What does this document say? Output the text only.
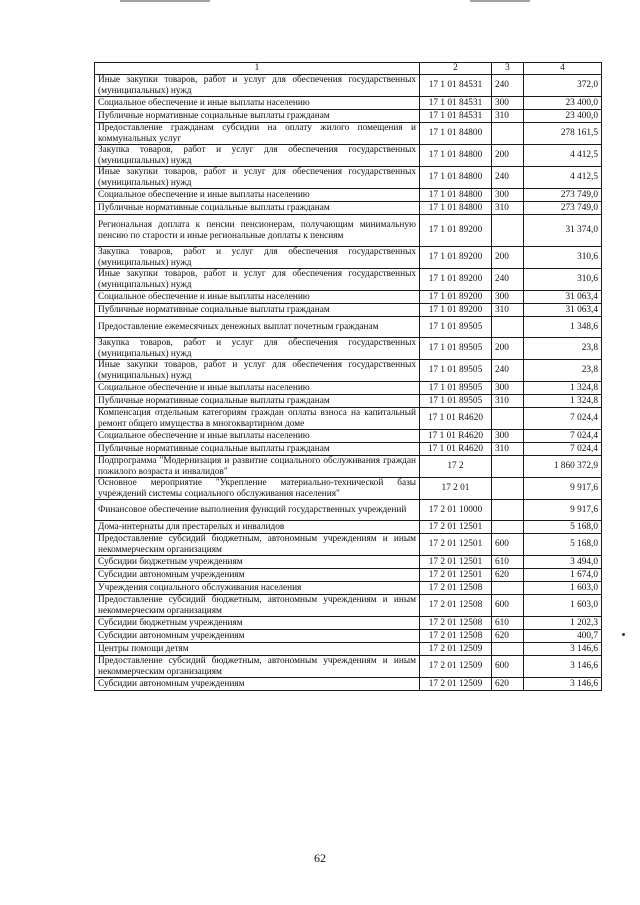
1	2	3	4
Иные закупки товаров, работ и услуг для обеспечения государственных (муниципальных) нужд	17 1 01 84531	240	372,0
Социальное обеспечение и иные выплаты населению	17 1 01 84531	300	23 400,0
Публичные нормативные социальные выплаты гражданам	17 1 01 84531	310	23 400,0
Предоставление гражданам субсидии на оплату жилого помещения и коммунальных услуг	17 1 01 84800		278 161,5
Закупка товаров, работ и услуг для обеспечения государственных (муниципальных) нужд	17 1 01 84800	200	4 412,5
Иные закупки товаров, работ и услуг для обеспечения государственных (муниципальных) нужд	17 1 01 84800	240	4 412,5
Социальное обеспечение и иные выплаты населению	17 1 01 84800	300	273 749,0
Публичные нормативные социальные выплаты гражданам	17 1 01 84800	310	273 749,0
Региональная доплата к пенсии пенсионерам, получающим минимальную пенсию по старости и иные региональные доплаты к пенсиям	17 1 01 89200		31 374,0
Закупка товаров, работ и услуг для обеспечения государственных (муниципальных) нужд	17 1 01 89200	200	310,6
Иные закупки товаров, работ и услуг для обеспечения государственных (муниципальных) нужд	17 1 01 89200	240	310,6
Социальное обеспечение и иные выплаты населению	17 1 01 89200	300	31 063,4
Публичные нормативные социальные выплаты гражданам	17 1 01 89200	310	31 063,4
Предоставление ежемесячных денежных выплат почетным гражданам	17 1 01 89505		1 348,6
Закупка товаров, работ и услуг для обеспечения государственных (муниципальных) нужд	17 1 01 89505	200	23,8
Иные закупки товаров, работ и услуг для обеспечения государственных (муниципальных) нужд	17 1 01 89505	240	23,8
Социальное обеспечение и иные выплаты населению	17 1 01 89505	300	1 324,8
Публичные нормативные социальные выплаты гражданам	17 1 01 89505	310	1 324,8
Компенсация отдельным категориям граждан оплаты взноса на капитальный ремонт общего имущества в многоквартирном доме	17 1 01 R4620		7 024,4
Социальное обеспечение и иные выплаты населению	17 1 01 R4620	300	7 024,4
Публичные нормативные социальные выплаты гражданам	17 1 01 R4620	310	7 024,4
Подпрограмма "Модернизация и развитие социального обслуживания граждан пожилого возраста и инвалидов"	17 2		1 860 372,9
Основное мероприятие "Укрепление материально-технической базы учреждений системы социального обслуживания населения"	17 2 01		9 917,6
Финансовое обеспечение выполнения функций государственных учреждений	17 2 01 10000		9 917,6
Дома-интернаты для престарелых и инвалидов	17 2 01 12501		5 168,0
Предоставление субсидий бюджетным, автономным учреждениям и иным некоммерческим организациям	17 2 01 12501	600	5 168,0
Субсидии бюджетным учреждениям	17 2 01 12501	610	3 494,0
Субсидии автономным учреждениям	17 2 01 12501	620	1 674,0
Учреждения социального обслуживания населения	17 2 01 12508		1 603,0
Предоставление субсидий бюджетным, автономным учреждениям и иным некоммерческим организациям	17 2 01 12508	600	1 603,0
Субсидии бюджетным учреждениям	17 2 01 12508	610	1 202,3
Субсидии автономным учреждениям	17 2 01 12508	620	400,7
Центры помощи детям	17 2 01 12509		3 146,6
Предоставление субсидий бюджетным, автономным учреждениям и иным некоммерческим организациям	17 2 01 12509	600	3 146,6
Субсидии автономным учреждениям	17 2 01 12509	620	3 146,6
62
